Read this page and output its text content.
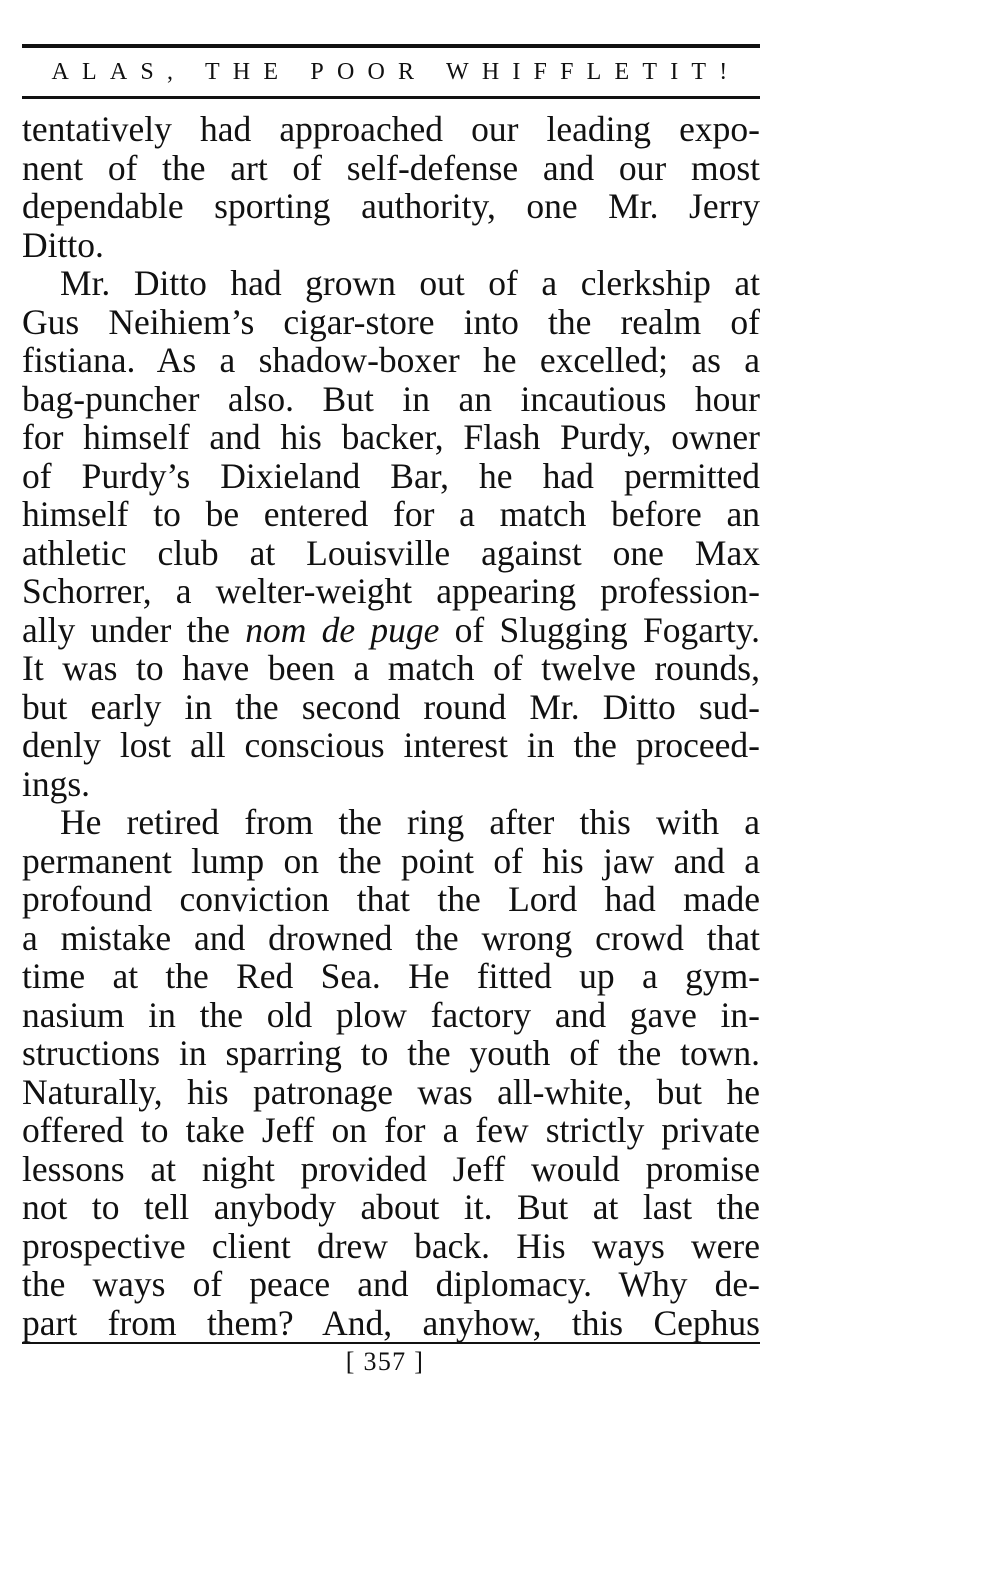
ALAS, THE POOR WHIFFLETIT!

tentatively had approached our leading expo-
nent of the art of self-defense and our most
dependable sporting authority, one Mr. Jerry
Ditto.

Mr. Ditto had grown out of a clerkship at
Gus Neihiem’s cigar-store into the realm of
fistiana. As a shadow-boxer he excelled; as a
bag-puncher also. But in an incautious hour
for himself and his backer, Flash Purdy, owner
of Purdy’s Dixieland Bar, he had permitted
himself to be entered for a match before an
athletic club at Louisville against one Max
Schorrer, a welter-weight appearing profession-
ally under the nom de puge of Slugging Fogarty.
It was to have been a match of twelve rounds,
but early in the second round Mr. Ditto sud-
denly lost all conscious interest in the proceed-
ings.

He retired from the ring after this with a
permanent lump on the point of his jaw and a
profound conviction that the Lord had made
a mistake and drowned the wrong crowd that
time at the Red Sea. He fitted up a gym-
nasium in the old plow factory and gave in-
structions in sparring to the youth of the town.
Naturally, his patronage was all-white, but he
offered to take Jeff on for a few strictly private
lessons at night provided Jeff would promise
not to tell anybody about it. But at last the
prospective client drew back. His ways were
the ways of peace and diplomacy. Why de-
part from them? And, anyhow, this Cephus

[ 357 ]
